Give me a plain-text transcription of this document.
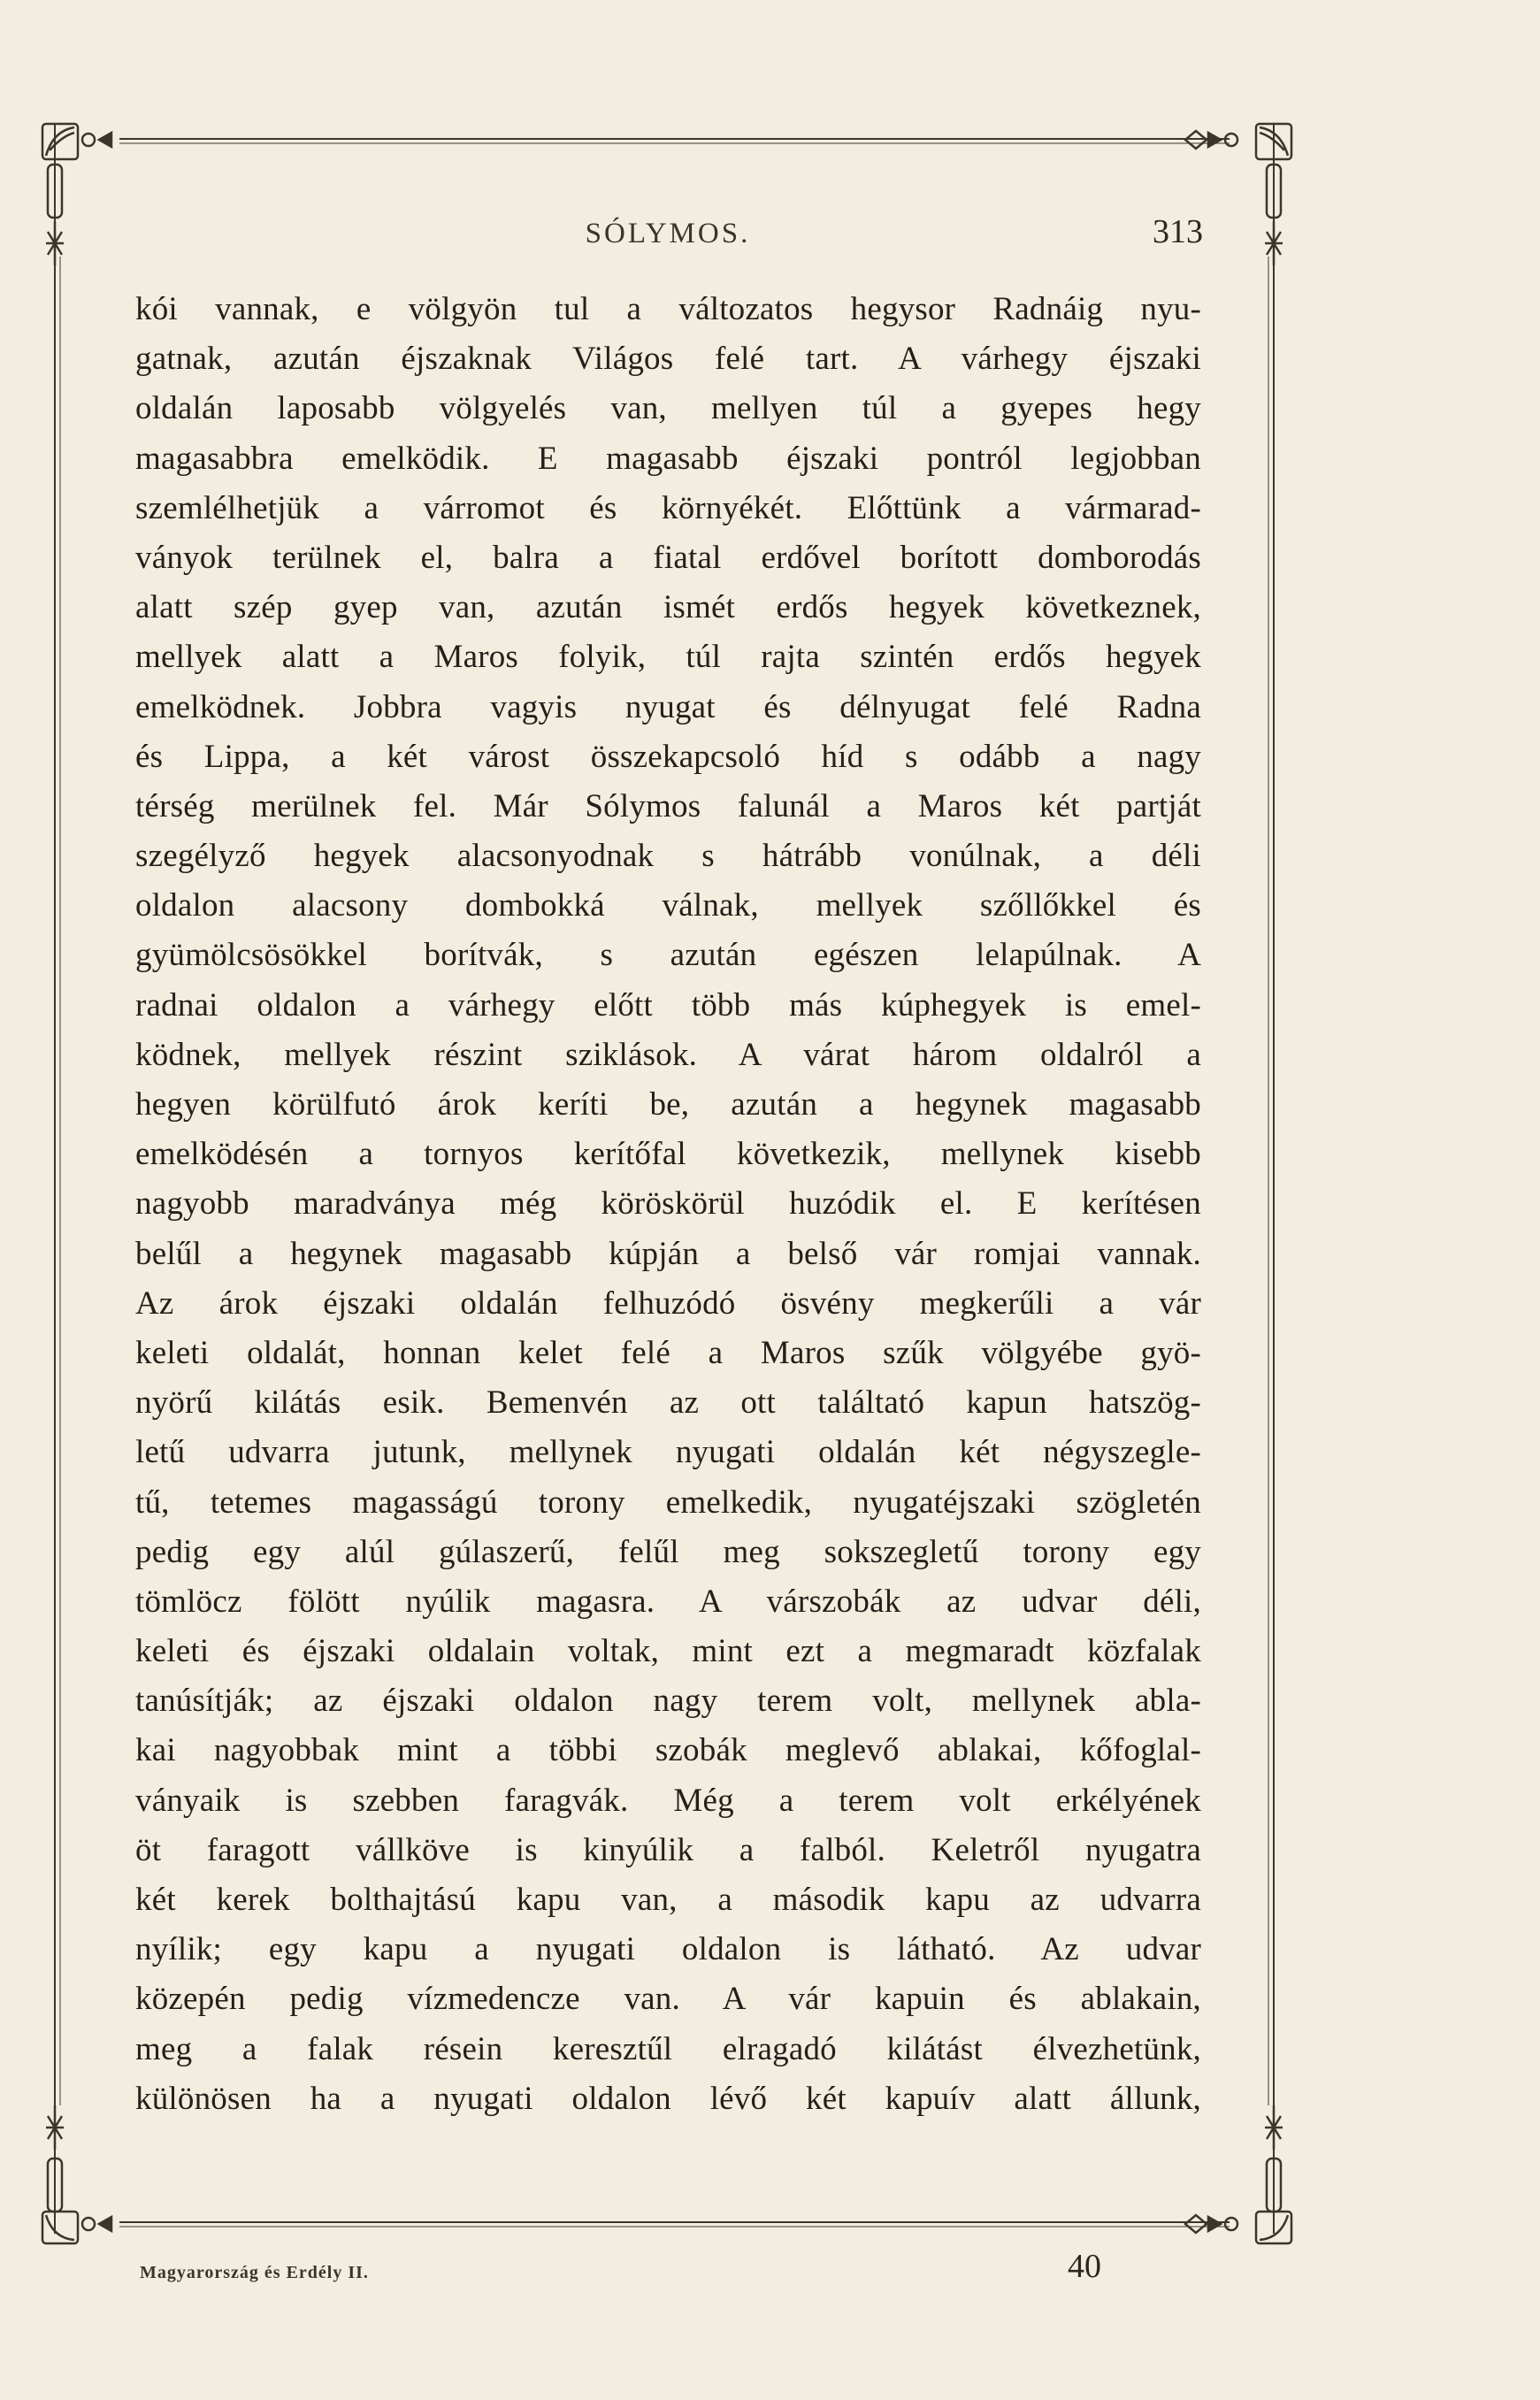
SÓLYMOS.	313
kói vannak, e völgyön tul a változatos hegysor Radnáig nyu-
gatnak, azután éjszaknak Világos felé tart. A várhegy éjszaki
oldalán laposabb völgyelés van, mellyen túl a gyepes hegy
magasabbra emelködik. E magasabb éjszaki pontról legjobban
szemlélhetjük a várromot és környékét. Előttünk a vármarad-
ványok terülnek el, balra a fiatal erdővel borított domborodás
alatt szép gyep van, azután ismét erdős hegyek következnek,
mellyek alatt a Maros folyik, túl rajta szintén erdős hegyek
emelködnek. Jobbra vagyis nyugat és délnyugat felé Radna
és Lippa, a két várost összekapcsoló híd s odább a nagy
térség merülnek fel. Már Sólymos falunál a Maros két partját
szegélyző hegyek alacsonyodnak s hátrább vonúlnak, a déli
oldalon alacsony dombokká válnak, mellyek szőllőkkel és
gyümölcsösökkel borítvák, s azután egészen lelapúlnak. A
radnai oldalon a várhegy előtt több más kúphegyek is emel-
ködnek, mellyek részint sziklások. A várat három oldalról a
hegyen körülfutó árok keríti be, azután a hegynek magasabb
emelködésén a tornyos kerítőfal következik, mellynek kisebb
nagyobb maradványa még köröskörül huzódik el. E kerítésen
belűl a hegynek magasabb kúpján a belső vár romjai vannak.
Az árok éjszaki oldalán felhuzódó ösvény megkerűli a vár
keleti oldalát, honnan kelet felé a Maros szűk völgyébe gyö-
nyörű kilátás esik. Bemenvén az ott találtató kapun hatszög-
letű udvarra jutunk, mellynek nyugati oldalán két négyszegle-
tű, tetemes magasságú torony emelkedik, nyugatéjszaki szögletén
pedig egy alúl gúlaszerű, felűl meg sokszegletű torony egy
tömlöcz fölött nyúlik magasra. A várszobák az udvar déli,
keleti és éjszaki oldalain voltak, mint ezt a megmaradt közfalak
tanúsítják; az éjszaki oldalon nagy terem volt, mellynek abla-
kai nagyobbak mint a többi szobák meglevő ablakai, kőfoglal-
ványaik is szebben faragvák. Még a terem volt erkélyének
öt faragott vállköve is kinyúlik a falból. Keletről nyugatra
két kerek bolthajtású kapu van, a második kapu az udvarra
nyílik; egy kapu a nyugati oldalon is látható. Az udvar
közepén pedig vízmedencze van. A vár kapuin és ablakain,
meg a falak résein keresztűl elragadó kilátást élvezhetünk,
különösen ha a nyugati oldalon lévő két kapuív alatt állunk,
Magyarország és Erdély II.	40
